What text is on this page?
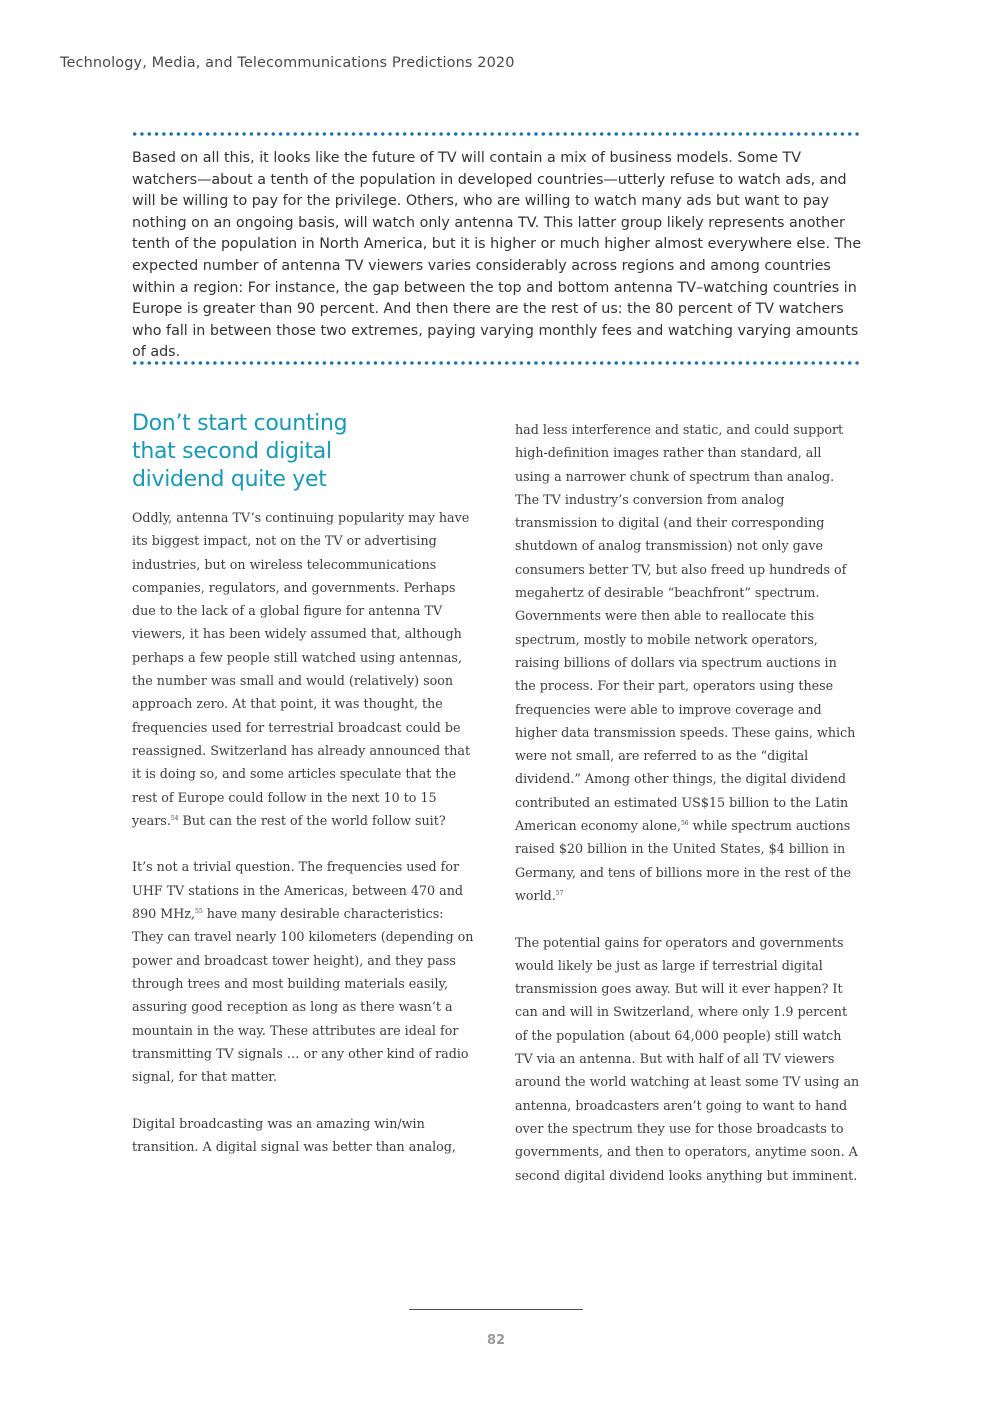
Technology, Media, and Telecommunications Predictions 2020

Based on all this, it looks like the future of TV will contain a mix of business models. Some TV watchers—about a tenth of the population in developed countries—utterly refuse to watch ads, and will be willing to pay for the privilege. Others, who are willing to watch many ads but want to pay nothing on an ongoing basis, will watch only antenna TV. This latter group likely represents another tenth of the population in North America, but it is higher or much higher almost everywhere else. The expected number of antenna TV viewers varies considerably across regions and among countries within a region: For instance, the gap between the top and bottom antenna TV–watching countries in Europe is greater than 90 percent. And then there are the rest of us: the 80 percent of TV watchers who fall in between those two extremes, paying varying monthly fees and watching varying amounts of ads.

Don’t start counting that second digital dividend quite yet

Oddly, antenna TV’s continuing popularity may have its biggest impact, not on the TV or advertising industries, but on wireless telecommunications companies, regulators, and governments. Perhaps due to the lack of a global figure for antenna TV viewers, it has been widely assumed that, although perhaps a few people still watched using antennas, the number was small and would (relatively) soon approach zero. At that point, it was thought, the frequencies used for terrestrial broadcast could be reassigned. Switzerland has already announced that it is doing so, and some articles speculate that the rest of Europe could follow in the next 10 to 15 years.$^{54}$ But can the rest of the world follow suit?

It’s not a trivial question. The frequencies used for UHF TV stations in the Americas, between 470 and 890 MHz,$^{55}$ have many desirable characteristics: They can travel nearly 100 kilometers (depending on power and broadcast tower height), and they pass through trees and most building materials easily, assuring good reception as long as there wasn’t a mountain in the way. These attributes are ideal for transmitting TV signals … or any other kind of radio signal, for that matter.

Digital broadcasting was an amazing win/win transition. A digital signal was better than analog,

had less interference and static, and could support high-definition images rather than standard, all using a narrower chunk of spectrum than analog. The TV industry’s conversion from analog transmission to digital (and their corresponding shutdown of analog transmission) not only gave consumers better TV, but also freed up hundreds of megahertz of desirable “beachfront” spectrum. Governments were then able to reallocate this spectrum, mostly to mobile network operators, raising billions of dollars via spectrum auctions in the process. For their part, operators using these frequencies were able to improve coverage and higher data transmission speeds. These gains, which were not small, are referred to as the “digital dividend.” Among other things, the digital dividend contributed an estimated US$15 billion to the Latin American economy alone,$^{56}$ while spectrum auctions raised $20 billion in the United States, $4 billion in Germany, and tens of billions more in the rest of the world.$^{57}$

The potential gains for operators and governments would likely be just as large if terrestrial digital transmission goes away. But will it ever happen? It can and will in Switzerland, where only 1.9 percent of the population (about 64,000 people) still watch TV via an antenna. But with half of all TV viewers around the world watching at least some TV using an antenna, broadcasters aren’t going to want to hand over the spectrum they use for those broadcasts to governments, and then to operators, anytime soon. A second digital dividend looks anything but imminent.

82
